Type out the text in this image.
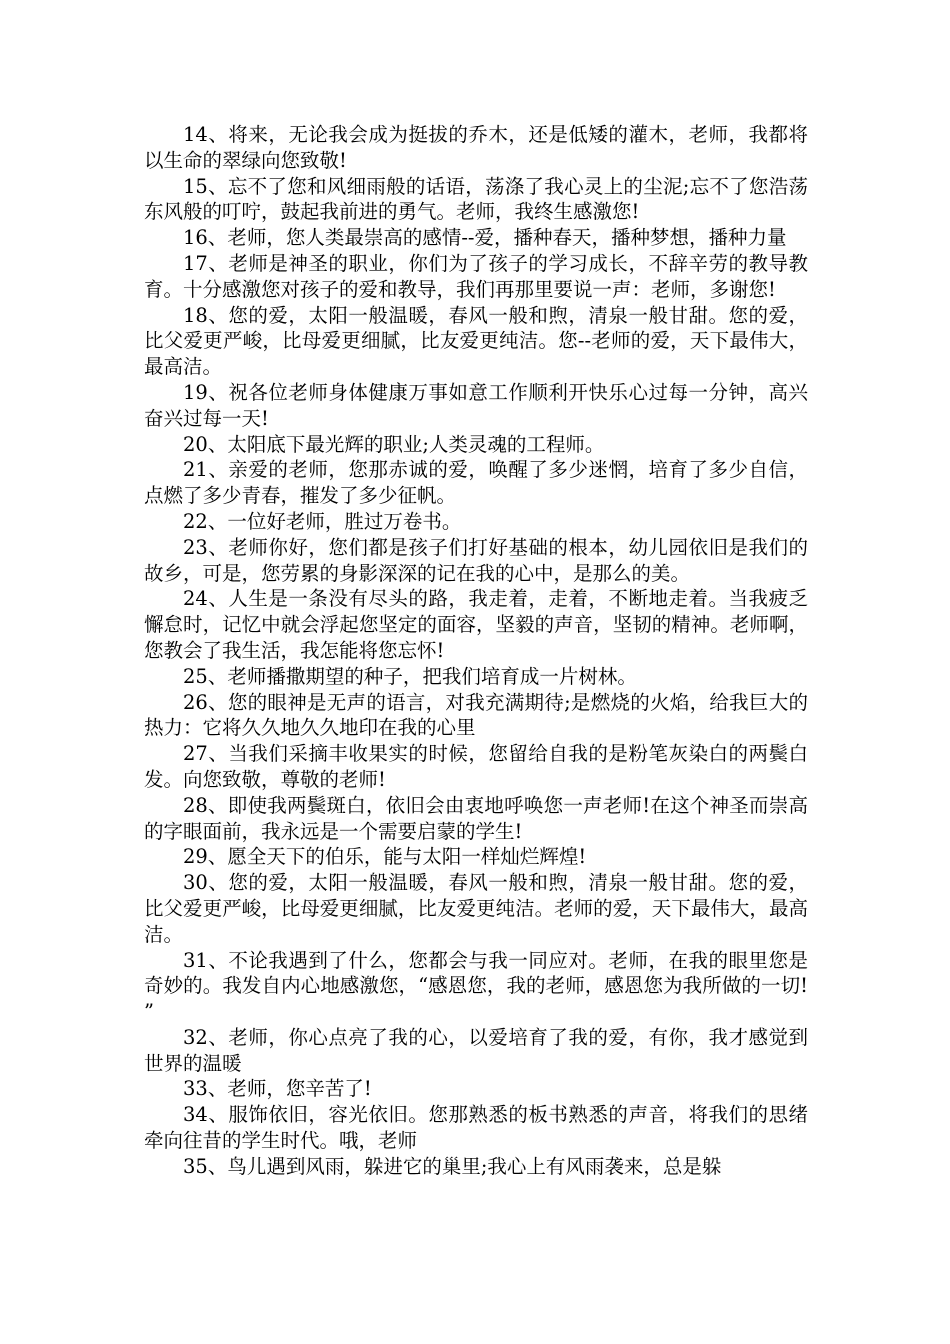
14、将来，无论我会成为挺拔的乔木，还是低矮的灌木，老师，我都将以生命的翠绿向您致敬!

15、忘不了您和风细雨般的话语，荡涤了我心灵上的尘泥;忘不了您浩荡东风般的叮咛，鼓起我前进的勇气。老师，我终生感激您!

16、老师，您人类最崇高的感情--爱，播种春天，播种梦想，播种力量

17、老师是神圣的职业，你们为了孩子的学习成长，不辞辛劳的教导教育。十分感激您对孩子的爱和教导，我们再那里要说一声：老师，多谢您!

18、您的爱，太阳一般温暖，春风一般和煦，清泉一般甘甜。您的爱，比父爱更严峻，比母爱更细腻，比友爱更纯洁。您--老师的爱，天下最伟大，最高洁。

19、祝各位老师身体健康万事如意工作顺利开快乐心过每一分钟，高兴奋兴过每一天!

20、太阳底下最光辉的职业;人类灵魂的工程师。

21、亲爱的老师，您那赤诚的爱，唤醒了多少迷惘，培育了多少自信，点燃了多少青春，摧发了多少征帆。

22、一位好老师，胜过万卷书。

23、老师你好，您们都是孩子们打好基础的根本，幼儿园依旧是我们的故乡，可是，您劳累的身影深深的记在我的心中，是那么的美。

24、人生是一条没有尽头的路，我走着，走着，不断地走着。当我疲乏懈怠时，记忆中就会浮起您坚定的面容，坚毅的声音，坚韧的精神。老师啊，您教会了我生活，我怎能将您忘怀!

25、老师播撒期望的种子，把我们培育成一片树林。

26、您的眼神是无声的语言，对我充满期待;是燃烧的火焰，给我巨大的热力：它将久久地久久地印在我的心里

27、当我们采摘丰收果实的时候，您留给自我的是粉笔灰染白的两鬓白发。向您致敬，尊敬的老师!

28、即使我两鬓斑白，依旧会由衷地呼唤您一声老师!在这个神圣而崇高的字眼面前，我永远是一个需要启蒙的学生!

29、愿全天下的伯乐，能与太阳一样灿烂辉煌!

30、您的爱，太阳一般温暖，春风一般和煦，清泉一般甘甜。您的爱，比父爱更严峻，比母爱更细腻，比友爱更纯洁。老师的爱，天下最伟大，最高洁。

31、不论我遇到了什么，您都会与我一同应对。老师，在我的眼里您是奇妙的。我发自内心地感激您，“感恩您，我的老师，感恩您为我所做的一切!”

32、老师，你心点亮了我的心，以爱培育了我的爱，有你，我才感觉到世界的温暖

33、老师，您辛苦了!

34、服饰依旧，容光依旧。您那熟悉的板书熟悉的声音，将我们的思绪牵向往昔的学生时代。哦，老师

35、鸟儿遇到风雨，躲进它的巢里;我心上有风雨袭来，总是躲
